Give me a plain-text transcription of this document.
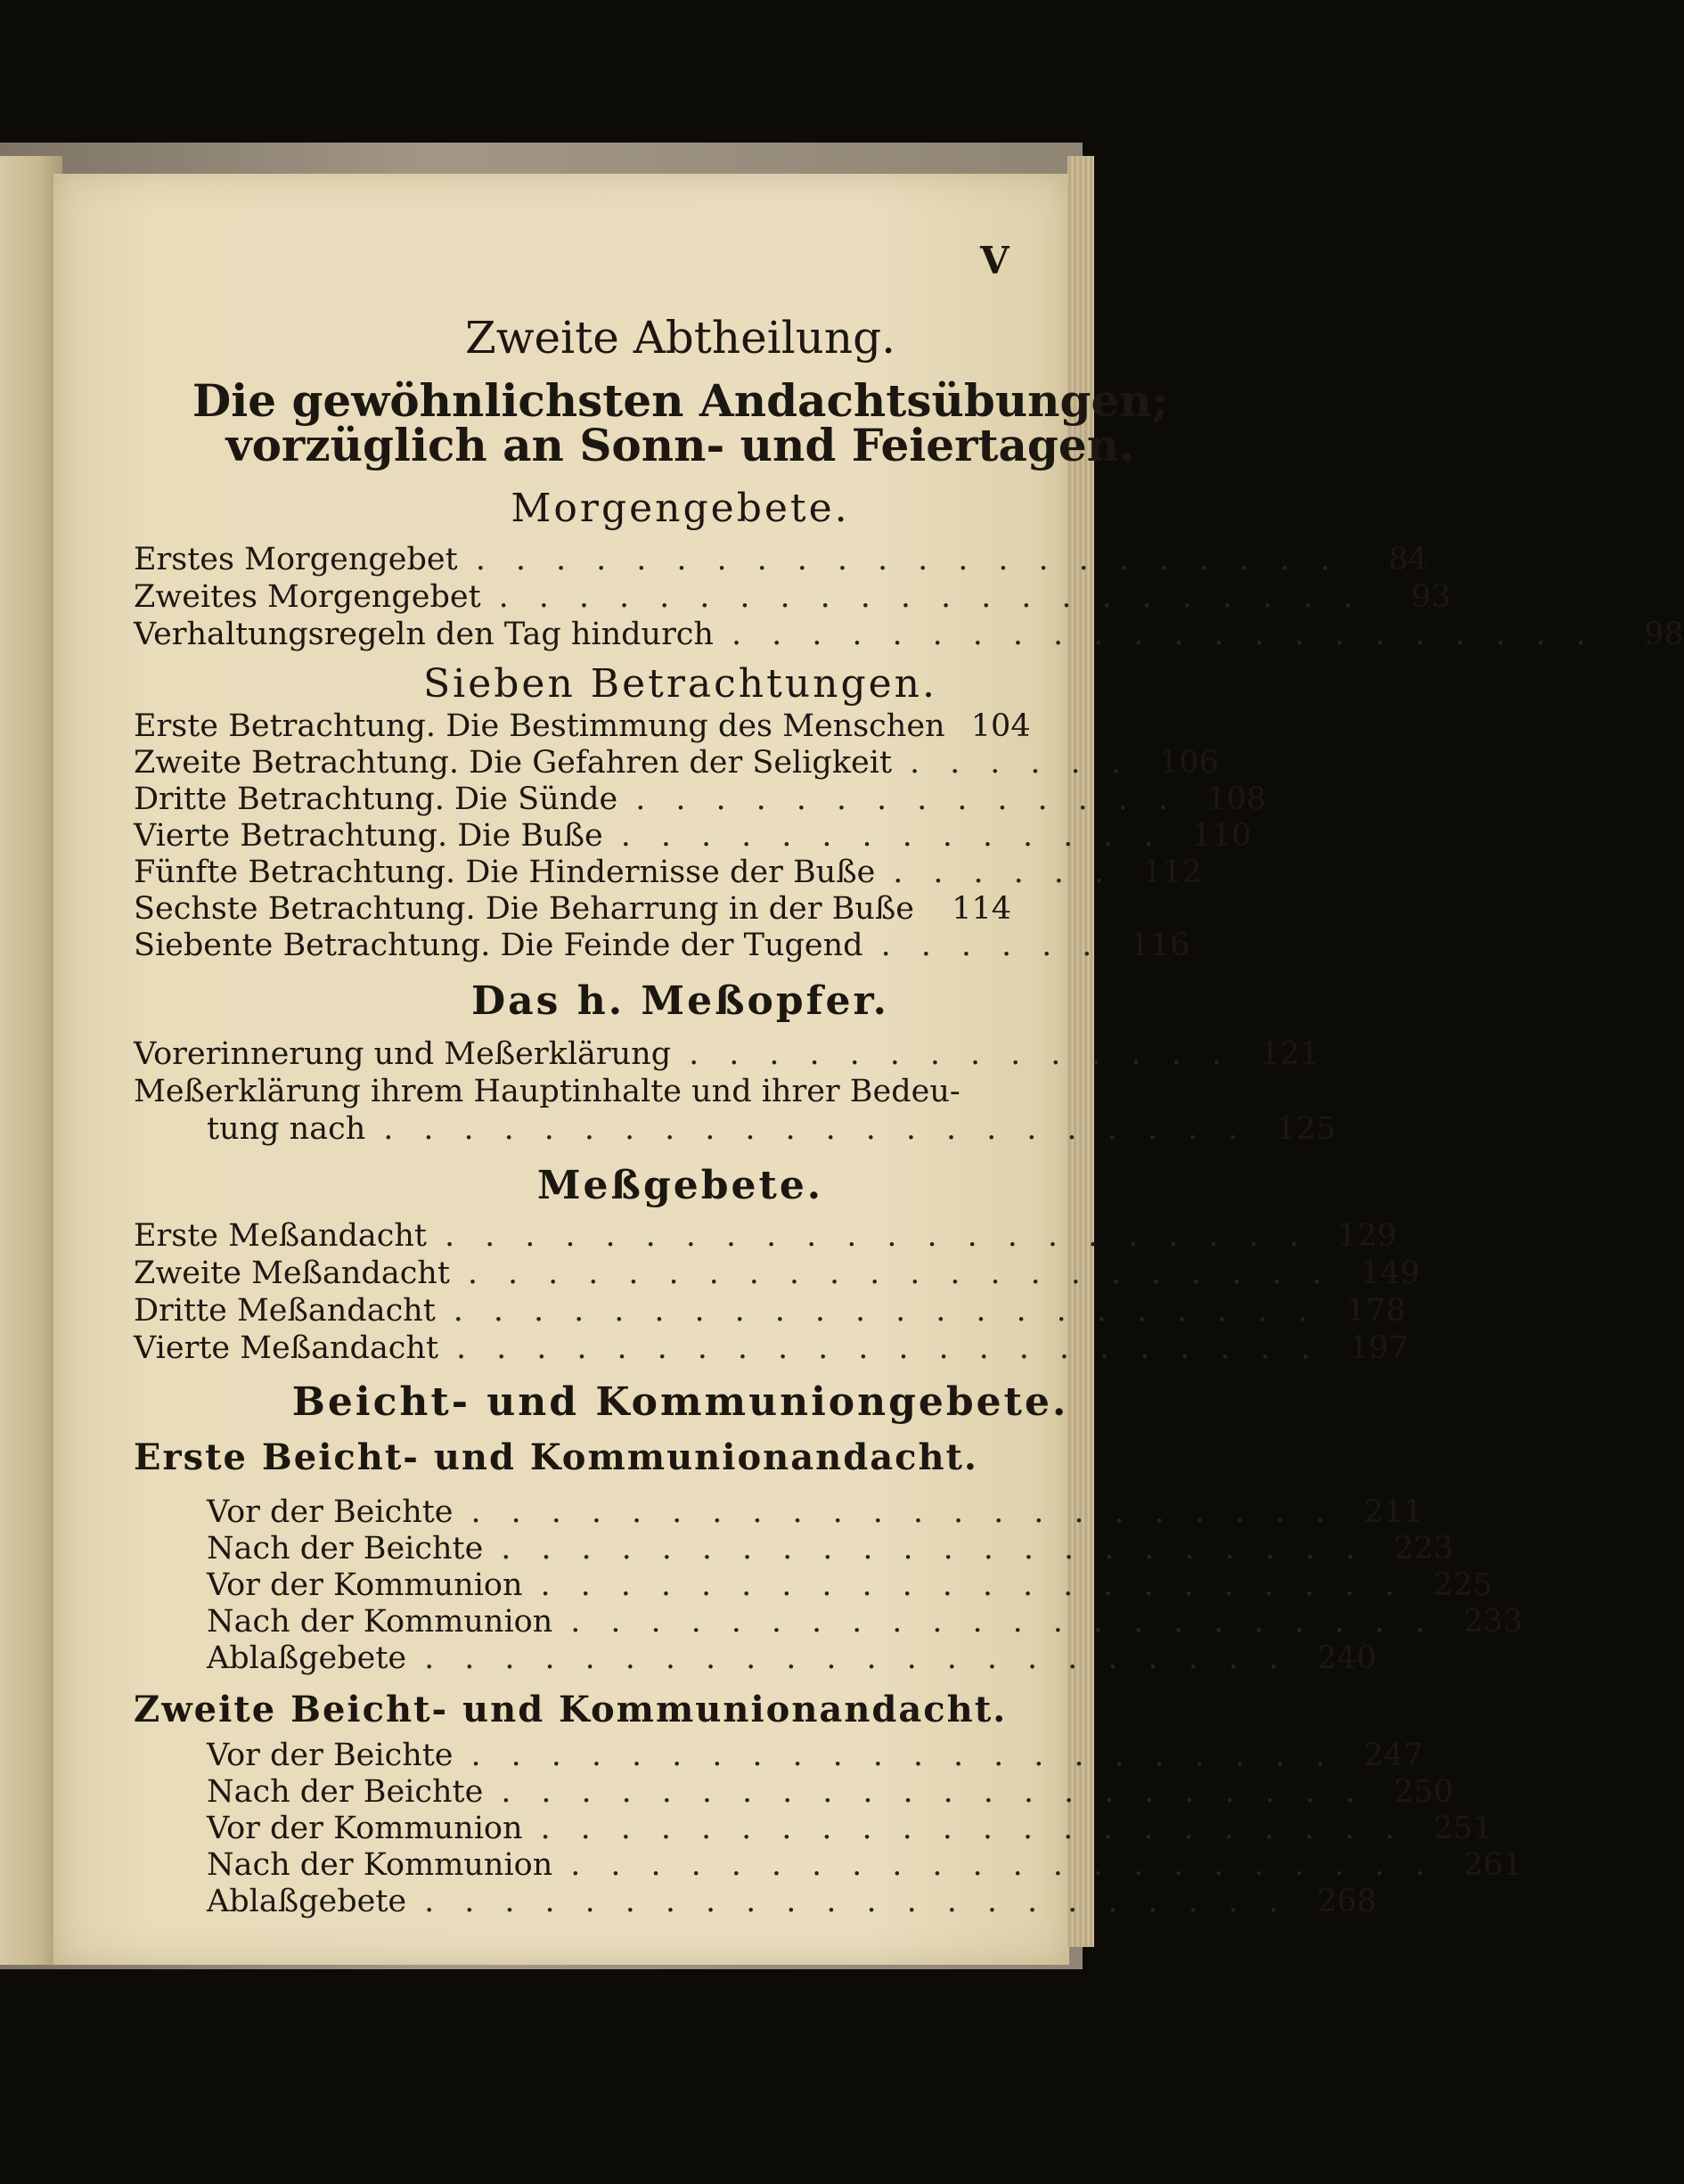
V

Zweite Abtheilung.

Die gewöhnlichsten Andachtsübungen;

vorzüglich an Sonn- und Feiertagen.

Morgengebete.

Erstes Morgengebet ...................... 84
Zweites Morgengebet ...................... 93
Verhaltungsregeln den Tag hindurch ...................... 98

Sieben Betrachtungen.

Erste Betrachtung. Die Bestimmung des Menschen 104
Zweite Betrachtung. Die Gefahren der Seligkeit ...... 106
Dritte Betrachtung. Die Sünde .............. 108
Vierte Betrachtung. Die Buße .............. 110
Fünfte Betrachtung. Die Hindernisse der Buße ...... 112
Sechste Betrachtung. Die Beharrung in der Buße 114
Siebente Betrachtung. Die Feinde der Tugend ...... 116

Das h. Meßopfer.

Vorerinnerung und Meßerklärung .............. 121
Meßerklärung ihrem Hauptinhalte und ihrer Bedeu-
tung nach ...................... 125

Meßgebete.

Erste Meßandacht ...................... 129
Zweite Meßandacht ...................... 149
Dritte Meßandacht ...................... 178
Vierte Meßandacht ...................... 197

Beicht- und Kommuniongebete.

Erste Beicht- und Kommunionandacht.

Vor der Beichte ...................... 211
Nach der Beichte ...................... 223
Vor der Kommunion ...................... 225
Nach der Kommunion ...................... 233
Ablaßgebete ...................... 240

Zweite Beicht- und Kommunionandacht.

Vor der Beichte ...................... 247
Nach der Beichte ...................... 250
Vor der Kommunion ...................... 251
Nach der Kommunion ...................... 261
Ablaßgebete ...................... 268
